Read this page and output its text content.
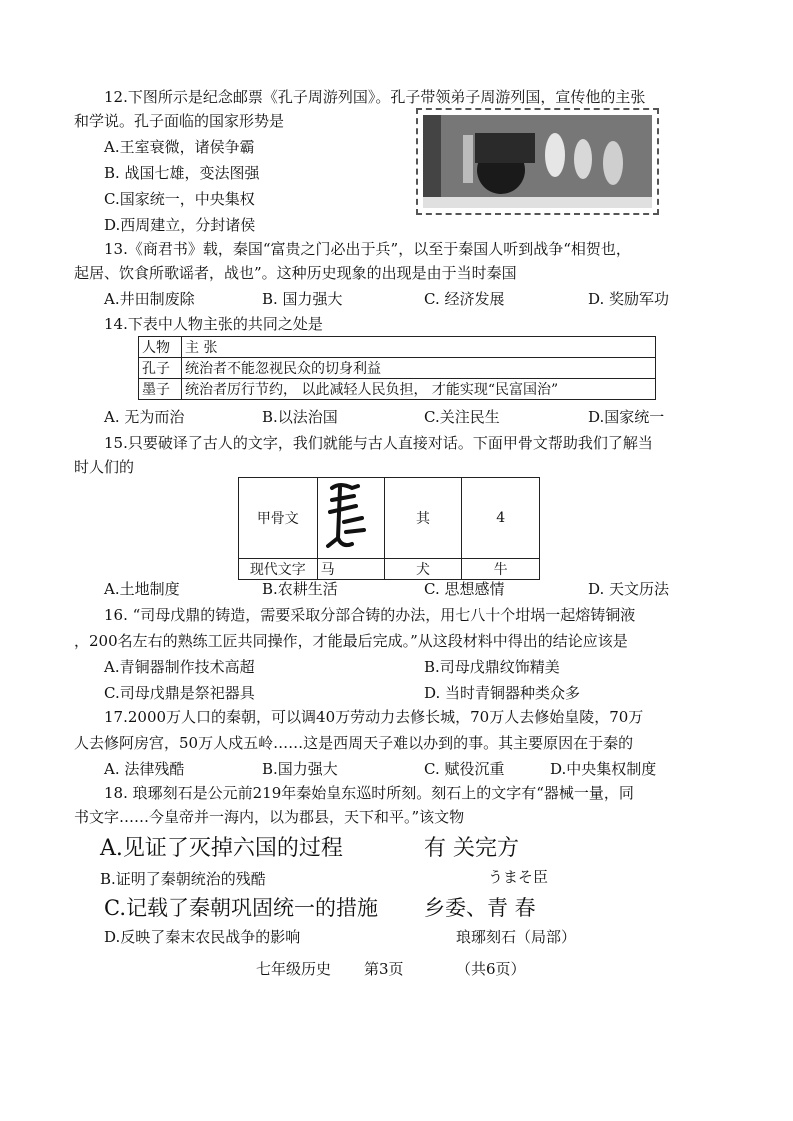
12.下图所示是纪念邮票《孔子周游列国》。孔子带领弟子周游列国，宣传他的主张
和学说。孔子面临的国家形势是
A.王室衰微，诸侯争霸
B. 战国七雄，变法图强
C.国家统一，中央集权
D.西周建立，分封诸侯
13.《商君书》载，秦国“富贵之门必出于兵”，以至于秦国人听到战争“相贺也，
起居、饮食所歌谣者，战也”。这种历史现象的出现是由于当时秦国
A.井田制废除	B. 国力强大	C. 经济发展	D. 奖励军功
14.下表中人物主张的共同之处是
人物	主 张
孔子	统治者不能忽视民众的切身利益
墨子	统治者厉行节约， 以此减轻人民负担， 才能实现“民富国治”
A. 无为而治	B.以法治国	C.关注民生	D.国家统一
15.只要破译了古人的文字，我们就能与古人直接对话。下面甲骨文帮助我们了解当
时人们的
甲骨文		其	4
现代文字	马	犬	牛
A.土地制度	B.农耕生活	C. 思想感情	D. 天文历法
16. “司母戊鼎的铸造，需要采取分部合铸的办法，用七八十个坩埚一起熔铸铜液
，200名左右的熟练工匠共同操作，才能最后完成。”从这段材料中得出的结论应该是
A.青铜器制作技术高超	B.司母戊鼎纹饰精美
C.司母戊鼎是祭祀器具	D. 当时青铜器种类众多
17.2000万人口的秦朝，可以调40万劳动力去修长城，70万人去修始皇陵，70万
人去修阿房宫，50万人戍五岭……这是西周天子难以办到的事。其主要原因在于秦的
A. 法律残酷	B.国力强大	C. 赋役沉重	D.中央集权制度
18. 琅琊刻石是公元前219年秦始皇东巡时所刻。刻石上的文字有“器械一量，同
书文字……今皇帝并一海内，以为郡县，天下和平。”该文物
A.见证了灭掉六国的过程	有 关完方
B.证明了秦朝统治的残酷	うまそ臣
C.记载了秦朝巩固统一的措施 乡委、青 春
D.反映了秦末农民战争的影响	琅琊刻石（局部）
七年级历史 第3页	（共6页）
